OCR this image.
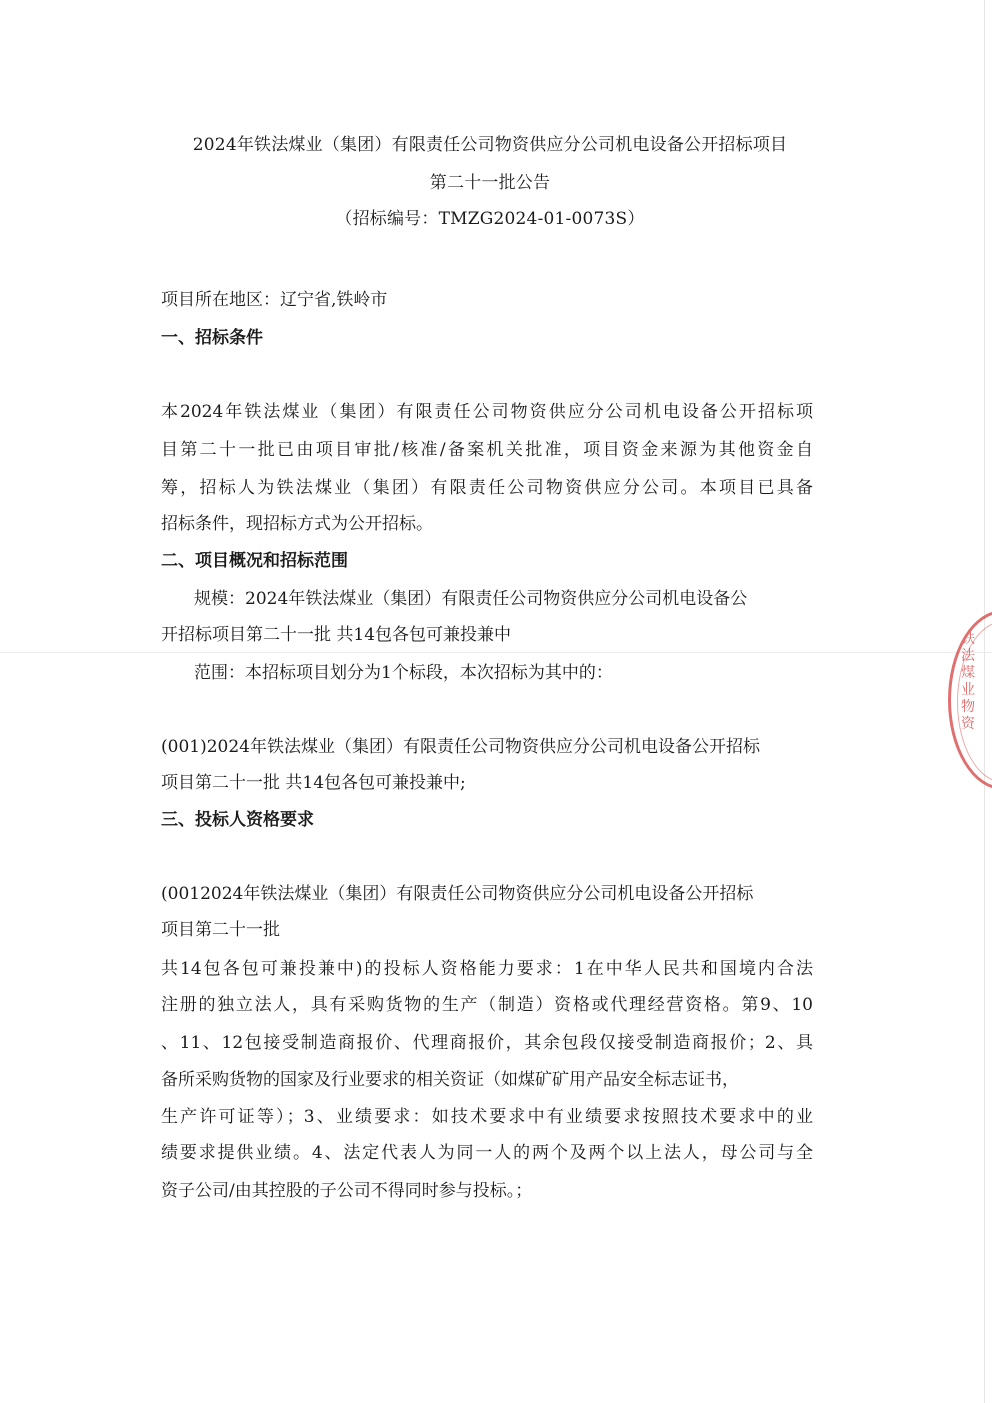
2024年铁法煤业（集团）有限责任公司物资供应分公司机电设备公开招标项目
第二十一批公告
（招标编号：TMZG2024-01-0073S）
项目所在地区：辽宁省,铁岭市
一、招标条件
本2024年铁法煤业（集团）有限责任公司物资供应分公司机电设备公开招标项
目第二十一批已由项目审批/核准/备案机关批准，项目资金来源为其他资金自
筹，招标人为铁法煤业（集团）有限责任公司物资供应分公司。本项目已具备
招标条件，现招标方式为公开招标。
二、项目概况和招标范围
规模：2024年铁法煤业（集团）有限责任公司物资供应分公司机电设备公
开招标项目第二十一批 共14包各包可兼投兼中
范围：本招标项目划分为1个标段，本次招标为其中的：
(001)2024年铁法煤业（集团）有限责任公司物资供应分公司机电设备公开招标
项目第二十一批 共14包各包可兼投兼中;
三、投标人资格要求
(0012024年铁法煤业（集团）有限责任公司物资供应分公司机电设备公开招标
项目第二十一批
共14包各包可兼投兼中)的投标人资格能力要求：1在中华人民共和国境内合法
注册的独立法人，具有采购货物的生产（制造）资格或代理经营资格。第9、10
、11、12包接受制造商报价、代理商报价，其余包段仅接受制造商报价；2、具
备所采购货物的国家及行业要求的相关资证（如煤矿矿用产品安全标志证书，
生产许可证等）；3、业绩要求：如技术要求中有业绩要求按照技术要求中的业
绩要求提供业绩。4、法定代表人为同一人的两个及两个以上法人，母公司与全
资子公司/由其控股的子公司不得同时参与投标。；
铁法煤业物资
